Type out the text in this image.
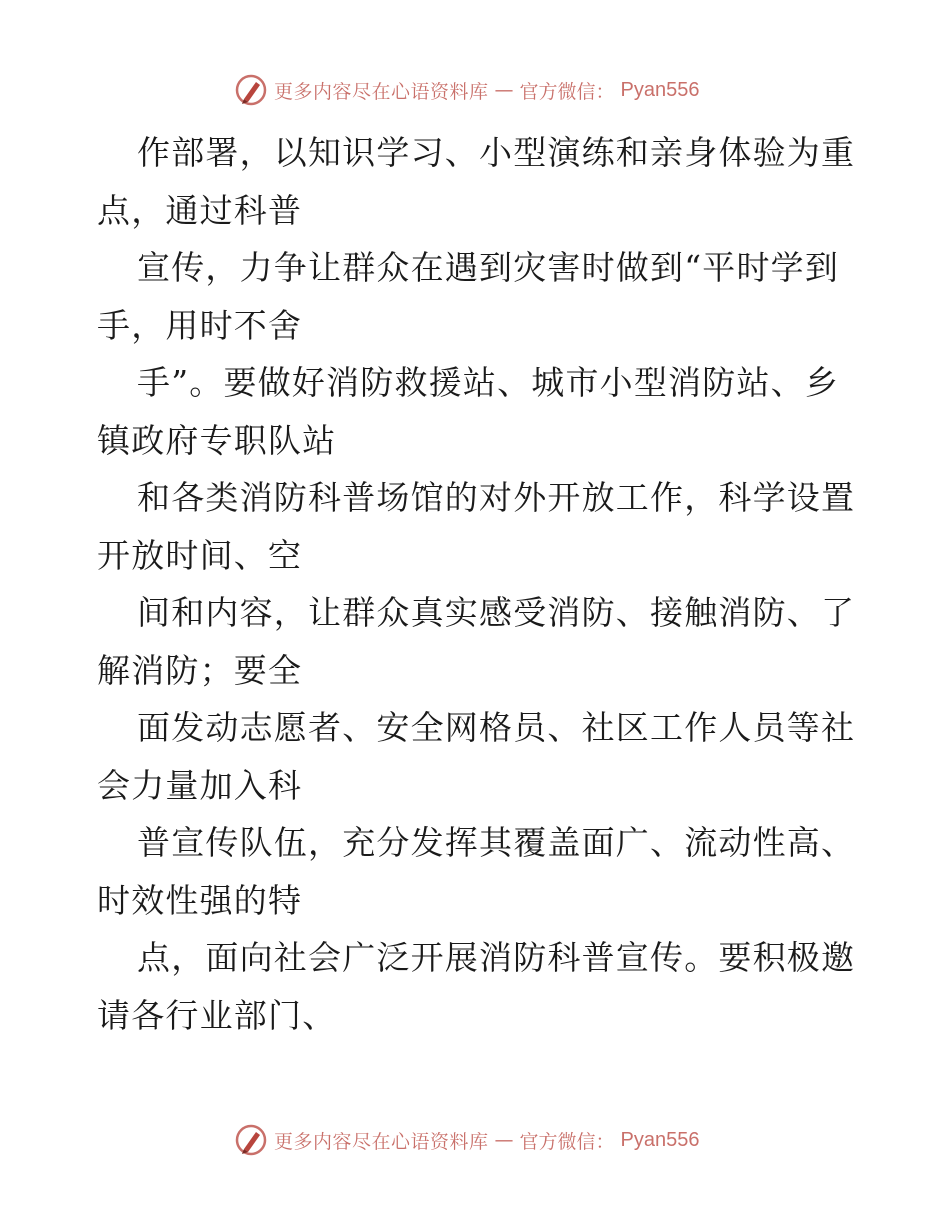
更多内容尽在心语资料库 — 官方微信： Pyan556
作部署，以知识学习、小型演练和亲身体验为重
点，通过科普
宣传，力争让群众在遇到灾害时做到“平时学到
手，用时不舍
手”。要做好消防救援站、城市小型消防站、乡
镇政府专职队站
和各类消防科普场馆的对外开放工作，科学设置
开放时间、空
间和内容，让群众真实感受消防、接触消防、了
解消防；要全
面发动志愿者、安全网格员、社区工作人员等社
会力量加入科
普宣传队伍，充分发挥其覆盖面广、流动性高、
时效性强的特
点，面向社会广泛开展消防科普宣传。要积极邀
请各行业部门、
更多内容尽在心语资料库 — 官方微信： Pyan556
